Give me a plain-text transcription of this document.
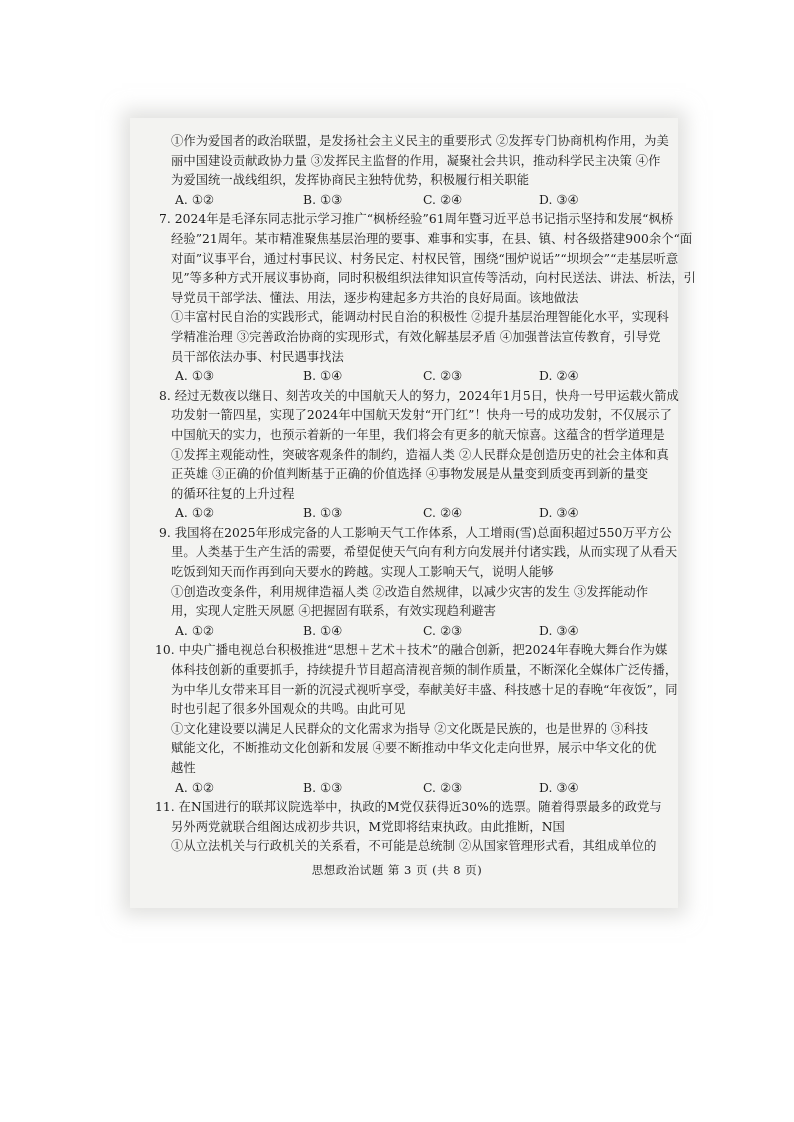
①作为爱国者的政治联盟，是发扬社会主义民主的重要形式 ②发挥专门协商机构作用，为美
丽中国建设贡献政协力量 ③发挥民主监督的作用，凝聚社会共识，推动科学民主决策 ④作
为爱国统一战线组织，发挥协商民主独特优势，积极履行相关职能
A. ①②	B. ①③	C. ②④	D. ③④
7. 2024年是毛泽东同志批示学习推广“枫桥经验”61周年暨习近平总书记指示坚持和发展“枫桥
经验”21周年。某市精准聚焦基层治理的要事、难事和实事，在县、镇、村各级搭建900余个“面
对面”议事平台，通过村事民议、村务民定、村权民管，围绕“围炉说话”“坝坝会”“走基层听意
见”等多种方式开展议事协商，同时积极组织法律知识宣传等活动，向村民送法、讲法、析法，引
导党员干部学法、懂法、用法，逐步构建起多方共治的良好局面。该地做法
①丰富村民自治的实践形式，能调动村民自治的积极性 ②提升基层治理智能化水平，实现科
学精准治理 ③完善政治协商的实现形式，有效化解基层矛盾 ④加强普法宣传教育，引导党
员干部依法办事、村民遇事找法
A. ①③	B. ①④	C. ②③	D. ②④
8. 经过无数夜以继日、刻苦攻关的中国航天人的努力，2024年1月5日，快舟一号甲运载火箭成
功发射一箭四星，实现了2024年中国航天发射“开门红”！快舟一号的成功发射，不仅展示了
中国航天的实力，也预示着新的一年里，我们将会有更多的航天惊喜。这蕴含的哲学道理是
①发挥主观能动性，突破客观条件的制约，造福人类 ②人民群众是创造历史的社会主体和真
正英雄 ③正确的价值判断基于正确的价值选择 ④事物发展是从量变到质变再到新的量变
的循环往复的上升过程
A. ①②	B. ①③	C. ②④	D. ③④
9. 我国将在2025年形成完备的人工影响天气工作体系，人工增雨(雪)总面积超过550万平方公
里。人类基于生产生活的需要，希望促使天气向有利方向发展并付诸实践，从而实现了从看天
吃饭到知天而作再到向天要水的跨越。实现人工影响天气，说明人能够
①创造改变条件，利用规律造福人类 ②改造自然规律，以减少灾害的发生 ③发挥能动作
用，实现人定胜天夙愿 ④把握固有联系，有效实现趋利避害
A. ①②	B. ①④	C. ②③	D. ③④
10. 中央广播电视总台积极推进“思想＋艺术＋技术”的融合创新，把2024年春晚大舞台作为媒
体科技创新的重要抓手，持续提升节目超高清视音频的制作质量，不断深化全媒体广泛传播，
为中华儿女带来耳目一新的沉浸式视听享受，奉献美好丰盛、科技感十足的春晚“年夜饭”，同
时也引起了很多外国观众的共鸣。由此可见
①文化建设要以满足人民群众的文化需求为指导 ②文化既是民族的，也是世界的 ③科技
赋能文化，不断推动文化创新和发展 ④要不断推动中华文化走向世界，展示中华文化的优
越性
A. ①②	B. ①③	C. ②③	D. ③④
11. 在N国进行的联邦议院选举中，执政的M党仅获得近30%的选票。随着得票最多的政党与
另外两党就联合组阁达成初步共识，M党即将结束执政。由此推断，N国
①从立法机关与行政机关的关系看，不可能是总统制 ②从国家管理形式看，其组成单位的
思想政治试题 第 3 页 (共 8 页)
